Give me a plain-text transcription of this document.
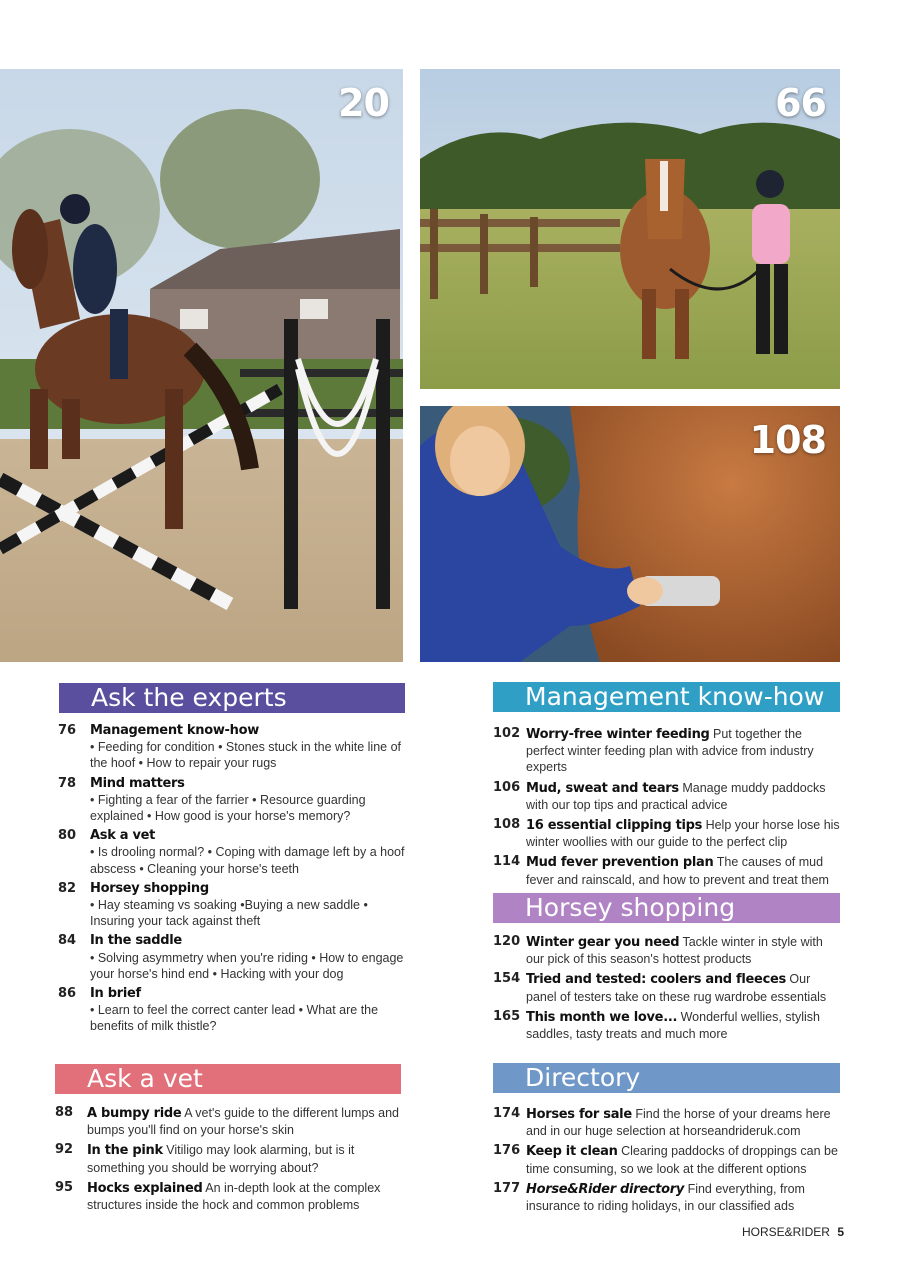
20	66
108
Ask the experts
76	Management know-how
• Feeding for condition • Stones stuck in the white line of the hoof • How to repair your rugs
78	Mind matters
• Fighting a fear of the farrier • Resource guarding explained • How good is your horse's memory?
80	Ask a vet
• Is drooling normal? • Coping with damage left by a hoof abscess • Cleaning your horse's teeth
82	Horsey shopping
• Hay steaming vs soaking •Buying a new saddle • Insuring your tack against theft
84	In the saddle
• Solving asymmetry when you're riding • How to engage your horse's hind end • Hacking with your dog
86	In brief
• Learn to feel the correct canter lead • What are the benefits of milk thistle?
Ask a vet
88	A bumpy ride A vet's guide to the different lumps and bumps you'll find on your horse's skin
92	In the pink Vitiligo may look alarming, but is it something you should be worrying about?
95	Hocks explained An in-depth look at the complex structures inside the hock and common problems
Management know-how
102 Worry-free winter feeding Put together the perfect winter feeding plan with advice from industry experts
106 Mud, sweat and tears Manage muddy paddocks with our top tips and practical advice
108 16 essential clipping tips Help your horse lose his winter woollies with our guide to the perfect clip
114 Mud fever prevention plan The causes of mud fever and rainscald, and how to prevent and treat them
Horsey shopping
120 Winter gear you need Tackle winter in style with our pick of this season's hottest products
154 Tried and tested: coolers and fleeces Our panel of testers take on these rug wardrobe essentials
165 This month we love... Wonderful wellies, stylish saddles, tasty treats and much more
Directory
174 Horses for sale Find the horse of your dreams here and in our huge selection at horseandrideruk.com
176 Keep it clean Clearing paddocks of droppings can be time consuming, so we look at the different options
177 Horse&Rider directory Find everything, from insurance to riding holidays, in our classified ads
HORSE&RIDER 5
